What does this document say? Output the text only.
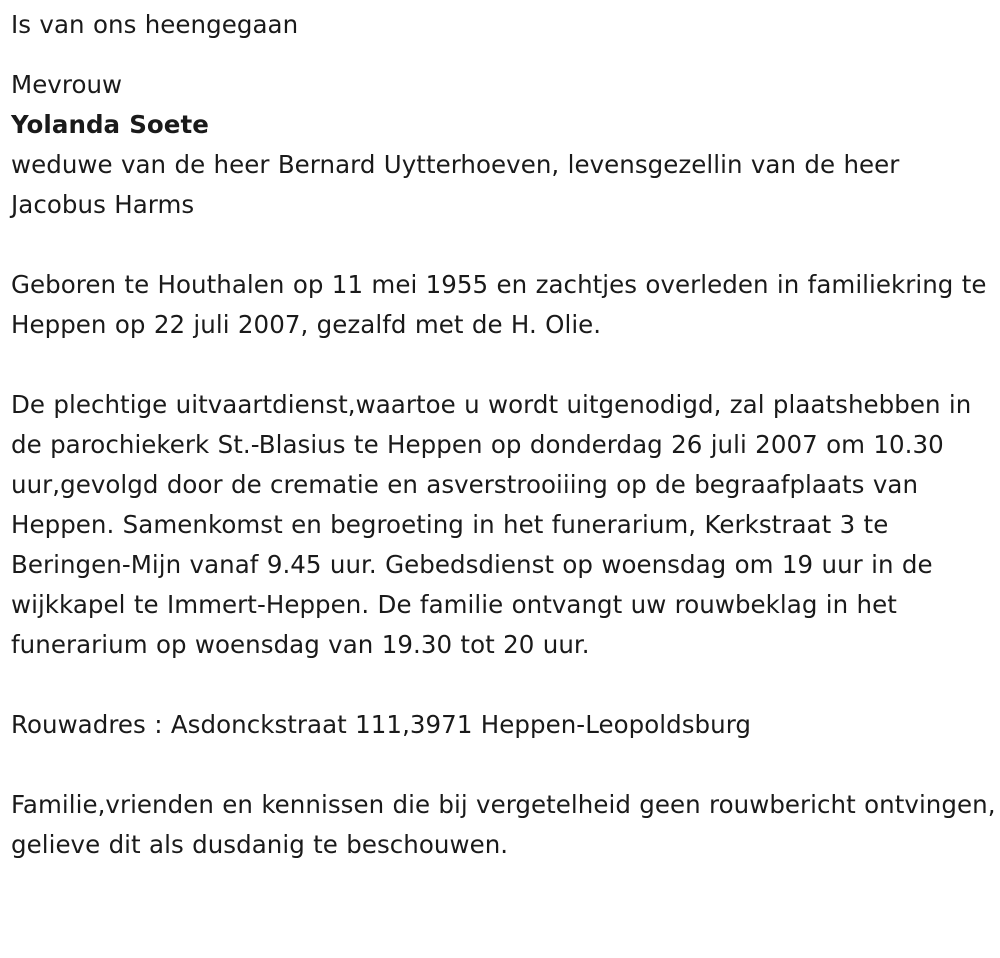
Is van ons heengegaan

Mevrouw

Yolanda Soete

weduwe van de heer Bernard Uytterhoeven, levensgezellin van de heer Jacobus Harms

Geboren te Houthalen op 11 mei 1955 en zachtjes overleden in familiekring te Heppen op 22 juli 2007, gezalfd met de H. Olie.

De plechtige uitvaartdienst,waartoe u wordt uitgenodigd, zal plaatshebben in de parochiekerk St.-Blasius te Heppen op donderdag 26 juli 2007 om 10.30 uur,gevolgd door de crematie en asverstrooiiing op de begraafplaats van Heppen. Samenkomst en begroeting in het funerarium, Kerkstraat 3 te Beringen-Mijn vanaf 9.45 uur. Gebedsdienst op woensdag om 19 uur in de wijkkapel te Immert-Heppen. De familie ontvangt uw rouwbeklag in het funerarium op woensdag van 19.30 tot 20 uur.

Rouwadres : Asdonckstraat 111,3971 Heppen-Leopoldsburg

Familie,vrienden en kennissen die bij vergetelheid geen rouwbericht ontvingen, gelieve dit als dusdanig te beschouwen.
